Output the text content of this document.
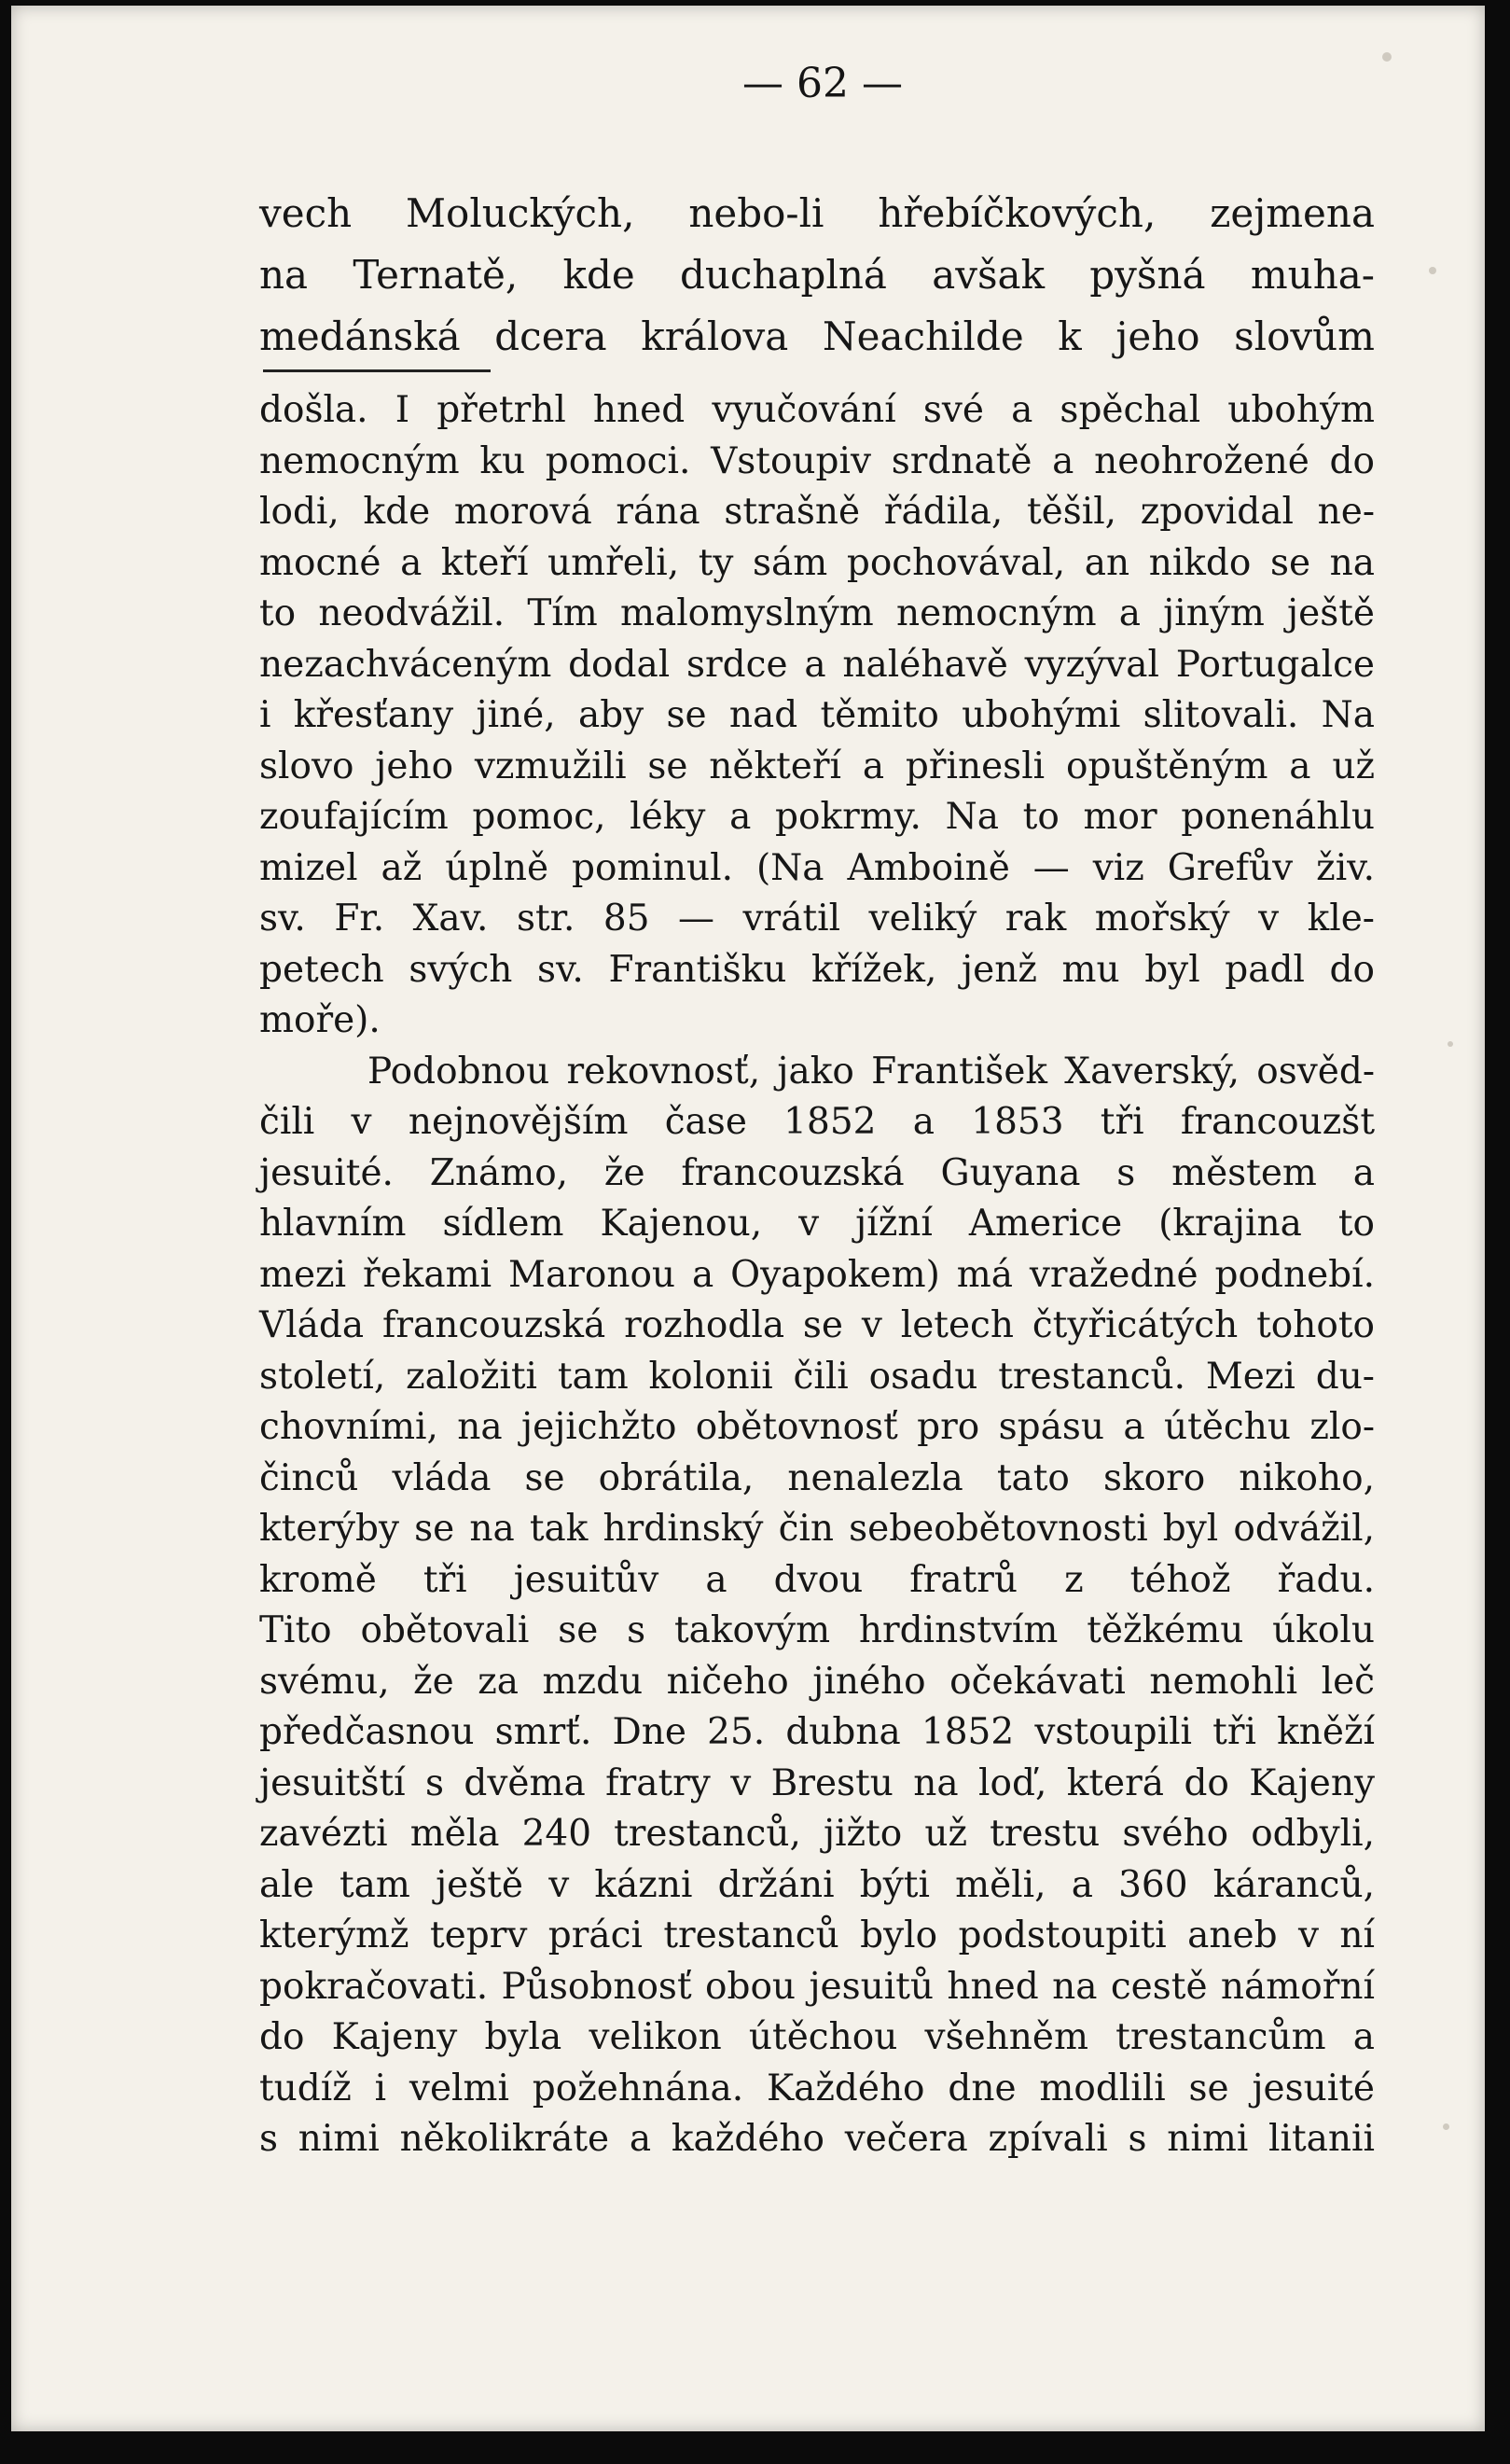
— 62 —
vech Moluckých, nebo-li hřebíčkových, zejmena
na Ternatě, kde duchaplná avšak pyšná muha-
medánská dcera králova Neachilde k jeho slovům
došla. I přetrhl hned vyučování své a spěchal ubohým
nemocným ku pomoci. Vstoupiv srdnatě a neohrožené do
lodi, kde morová rána strašně řádila, těšil, zpovidal ne-
mocné a kteří umřeli, ty sám pochovával, an nikdo se na
to neodvážil. Tím malomyslným nemocným a jiným ještě
nezachváceným dodal srdce a naléhavě vyzýval Portugalce
i křesťany jiné, aby se nad těmito ubohými slitovali. Na
slovo jeho vzmužili se někteří a přinesli opuštěným a už
zoufajícím pomoc, léky a pokrmy. Na to mor ponenáhlu
mizel až úplně pominul. (Na Amboině — viz Grefův živ.
sv. Fr. Xav. str. 85 — vrátil veliký rak mořský v kle-
petech svých sv. Františku křížek, jenž mu byl padl do
moře).
Podobnou rekovnosť, jako František Xaverský, osvěd-
čili v nejnovějším čase 1852 a 1853 tři francouzšt
jesuité. Známo, že francouzská Guyana s městem a
hlavním sídlem Kajenou, v jížní Americe (krajina to
mezi řekami Maronou a Oyapokem) má vražedné podnebí.
Vláda francouzská rozhodla se v letech čtyřicátých tohoto
století, založiti tam kolonii čili osadu trestanců. Mezi du-
chovními, na jejichžto obětovnosť pro spásu a útěchu zlo-
činců vláda se obrátila, nenalezla tato skoro nikoho,
kterýby se na tak hrdinský čin sebeobětovnosti byl odvážil,
kromě tři jesuitův a dvou fratrů z téhož řadu.
Tito obětovali se s takovým hrdinstvím těžkému úkolu
svému, že za mzdu ničeho jiného očekávati nemohli leč
předčasnou smrť. Dne 25. dubna 1852 vstoupili tři kněží
jesuitští s dvěma fratry v Brestu na loď, která do Kajeny
zavézti měla 240 trestanců, jižto už trestu svého odbyli,
ale tam ještě v kázni držáni býti měli, a 360 káranců,
kterýmž teprv práci trestanců bylo podstoupiti aneb v ní
pokračovati. Působnosť obou jesuitů hned na cestě námořní
do Kajeny byla velikon útěchou všehněm trestancům a
tudíž i velmi požehnána. Každého dne modlili se jesuité
s nimi několikráte a každého večera zpívali s nimi litanii
